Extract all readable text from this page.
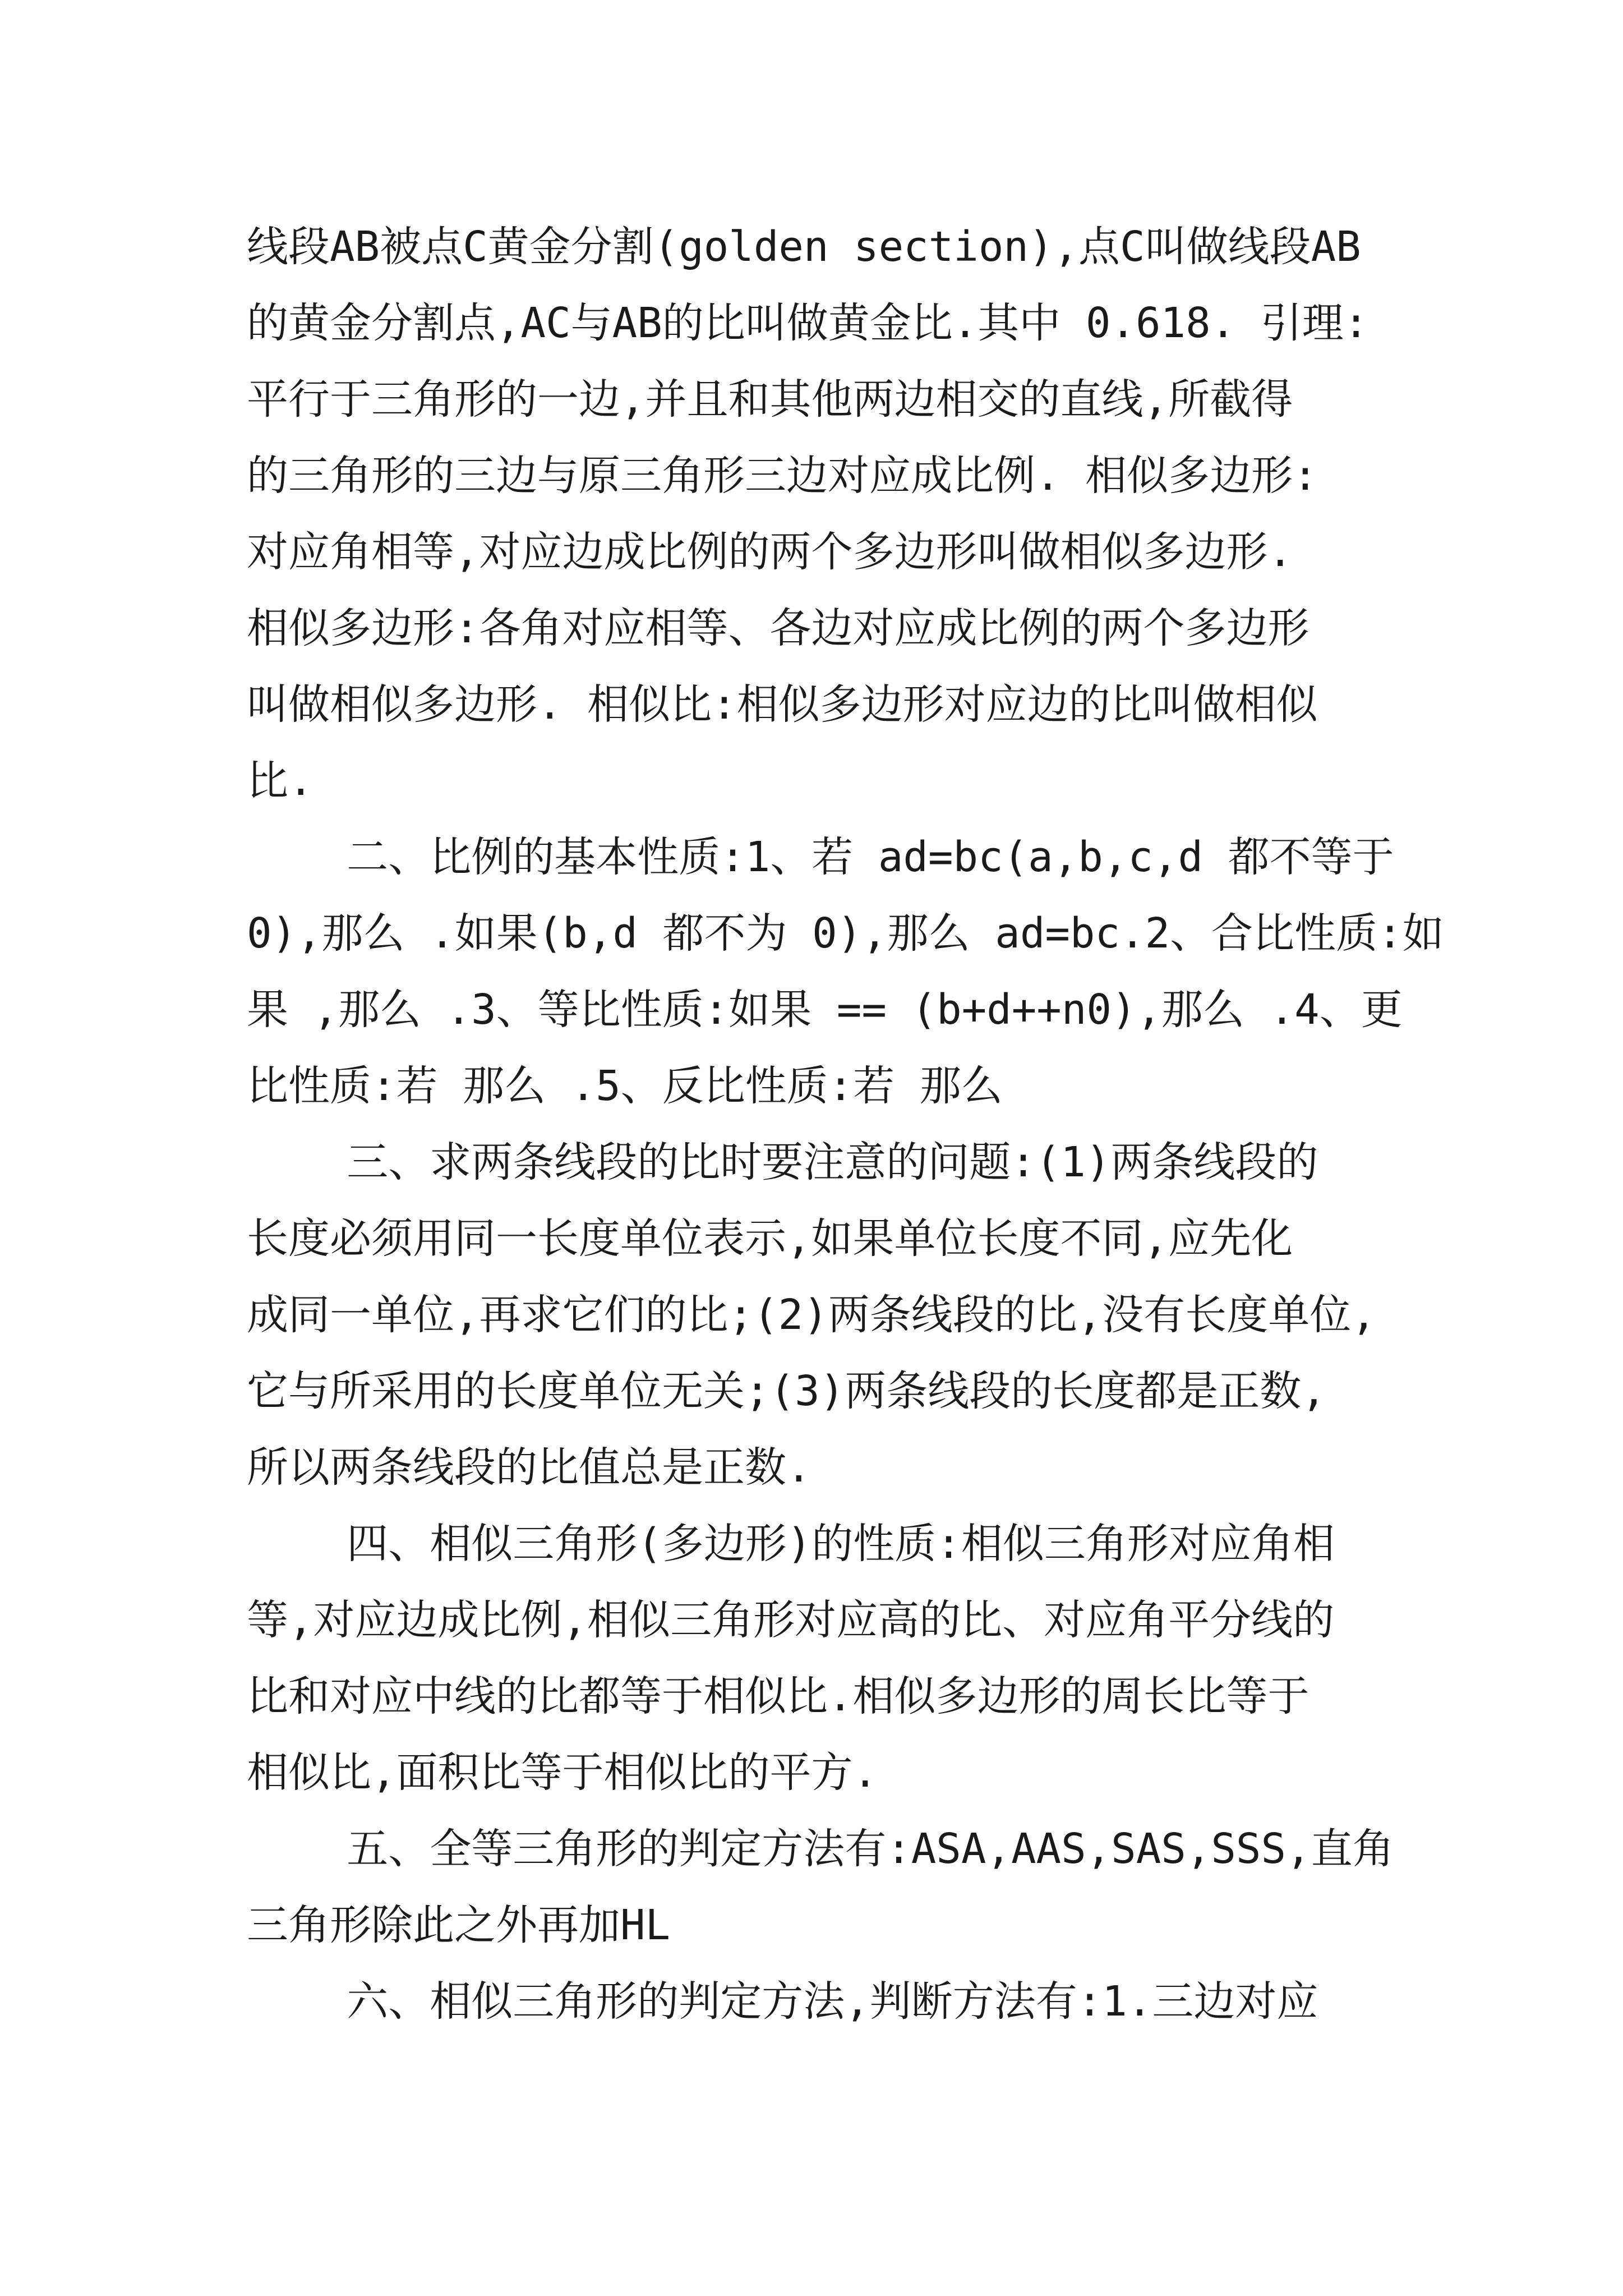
线段AB被点C黄金分割(golden section),点C叫做线段AB
的黄金分割点,AC与AB的比叫做黄金比.其中 0.618. 引理:
平行于三角形的一边,并且和其他两边相交的直线,所截得
的三角形的三边与原三角形三边对应成比例. 相似多边形:
对应角相等,对应边成比例的两个多边形叫做相似多边形.
相似多边形:各角对应相等、各边对应成比例的两个多边形
叫做相似多边形. 相似比:相似多边形对应边的比叫做相似
比.
二、比例的基本性质:1、若 ad=bc(a,b,c,d 都不等于
0),那么 .如果(b,d 都不为 0),那么 ad=bc.2、合比性质:如
果 ,那么 .3、等比性质:如果 == (b+d++n0),那么 .4、更
比性质:若 那么 .5、反比性质:若 那么
三、求两条线段的比时要注意的问题:(1)两条线段的
长度必须用同一长度单位表示,如果单位长度不同,应先化
成同一单位,再求它们的比;(2)两条线段的比,没有长度单位,
它与所采用的长度单位无关;(3)两条线段的长度都是正数,
所以两条线段的比值总是正数.
四、相似三角形(多边形)的性质:相似三角形对应角相
等,对应边成比例,相似三角形对应高的比、对应角平分线的
比和对应中线的比都等于相似比.相似多边形的周长比等于
相似比,面积比等于相似比的平方.
五、全等三角形的判定方法有:ASA,AAS,SAS,SSS,直角
三角形除此之外再加HL
六、相似三角形的判定方法,判断方法有:1.三边对应
